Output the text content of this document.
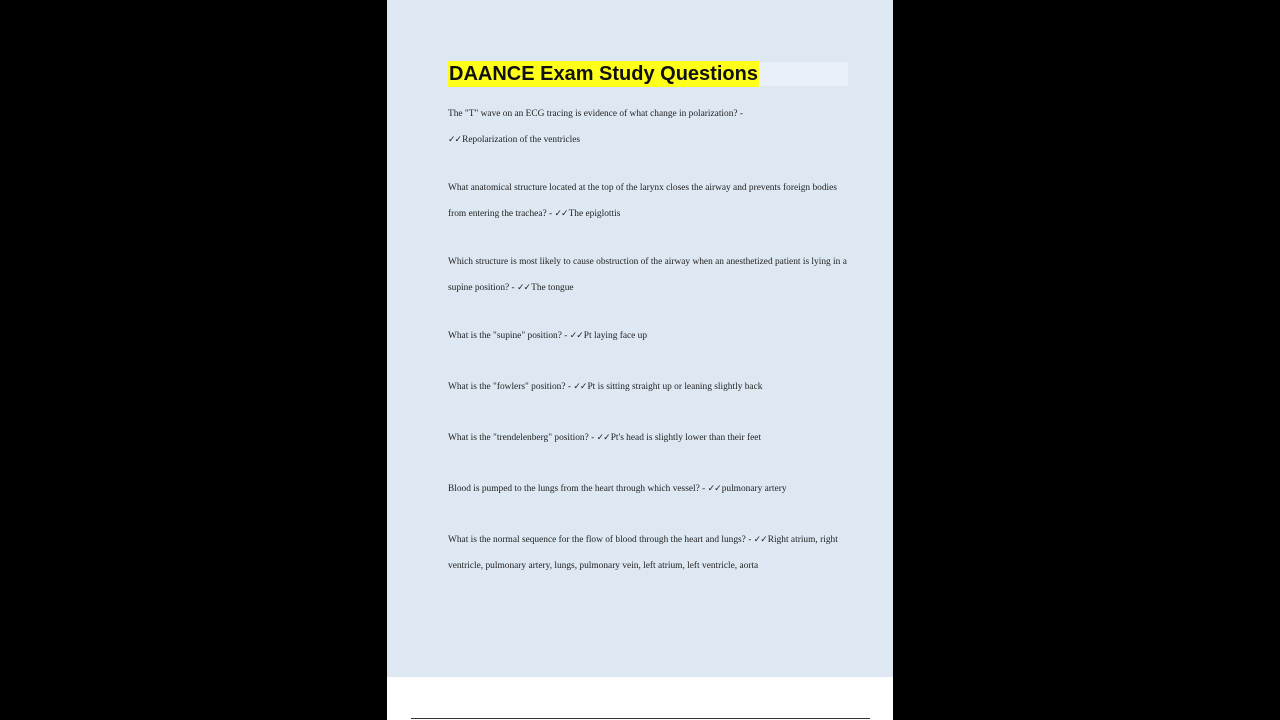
DAANCE Exam Study Questions

The "T" wave on an ECG tracing is evidence of what change in polarization? -
✓✓Repolarization of the ventricles

What anatomical structure located at the top of the larynx closes the airway and prevents foreign bodies from entering the trachea? - ✓✓The epiglottis

Which structure is most likely to cause obstruction of the airway when an anesthetized patient is lying in a supine position? - ✓✓The tongue

What is the "supine" position? - ✓✓Pt laying face up

What is the "fowlers" position? - ✓✓Pt is sitting straight up or leaning slightly back

What is the "trendelenberg" position? - ✓✓Pt's head is slightly lower than their feet

Blood is pumped to the lungs from the heart through which vessel? - ✓✓pulmonary artery

What is the normal sequence for the flow of blood through the heart and lungs? - ✓✓Right atrium, right ventricle, pulmonary artery, lungs, pulmonary vein, left atrium, left ventricle, aorta
